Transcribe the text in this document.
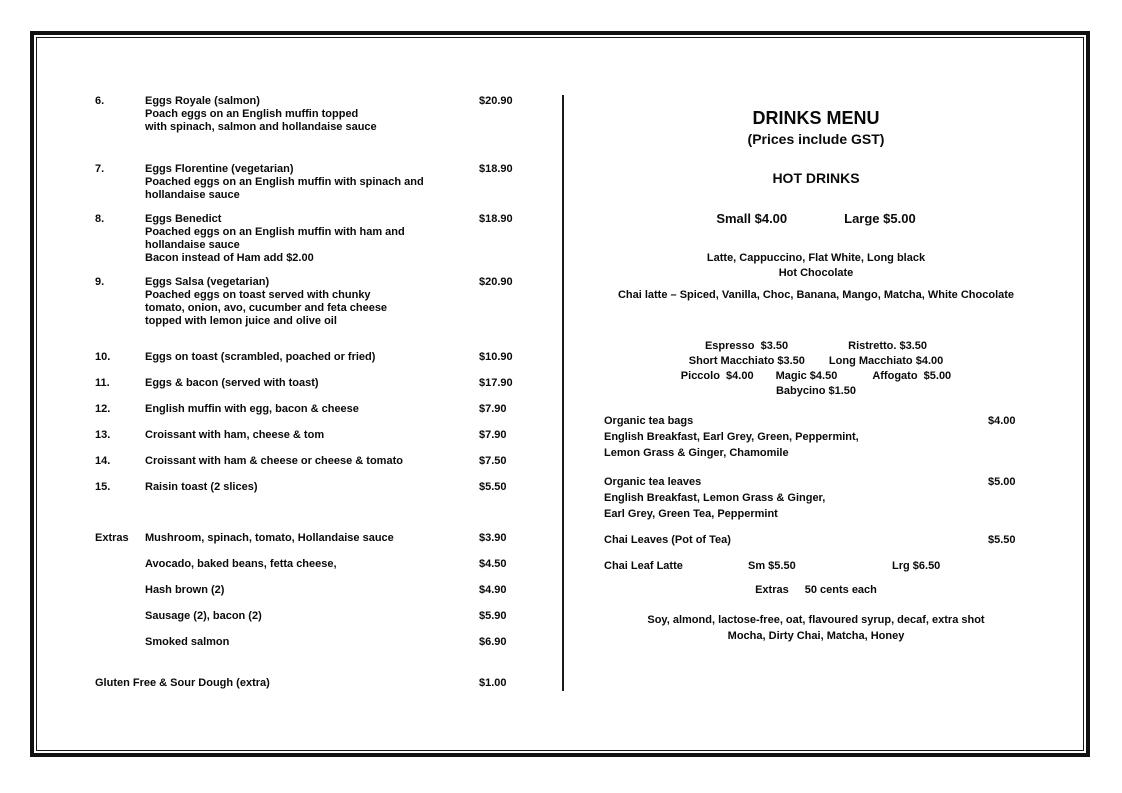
6.	Eggs Royale (salmon)
Poach eggs on an English muffin topped
with spinach, salmon and hollandaise sauce
$20.90
7.	Eggs Florentine (vegetarian)
Poached eggs on an English muffin with spinach and
hollandaise sauce
$18.90
8.	Eggs Benedict
Poached eggs on an English muffin with ham and
hollandaise sauce
Bacon instead of Ham add $2.00
$18.90
9.	Eggs Salsa (vegetarian)
Poached eggs on toast served with chunky
tomato, onion, avo, cucumber and feta cheese
topped with lemon juice and olive oil
$20.90
10.	Eggs on toast (scrambled, poached or fried)	$10.90
11.	Eggs & bacon (served with toast)	$17.90
12.	English muffin with egg, bacon & cheese	$7.90
13.	Croissant with ham, cheese & tom	$7.90
14.	Croissant with ham & cheese or cheese & tomato	$7.50
15.	Raisin toast (2 slices)	$5.50
Extras Mushroom, spinach, tomato, Hollandaise sauce	$3.90
Avocado, baked beans, fetta cheese,	$4.50
Hash brown (2)	$4.90
Sausage (2), bacon (2)	$5.90
Smoked salmon	$6.90
Gluten Free & Sour Dough (extra)	$1.00
DRINKS MENU
(Prices include GST)
HOT DRINKS
Small $4.00	Large $5.00
Latte, Cappuccino, Flat White, Long black
Hot Chocolate
Chai latte – Spiced, Vanilla, Choc, Banana, Mango, Matcha, White Chocolate
Espresso  $3.50	Ristretto. $3.50
Short Macchiato $3.50 Long Macchiato $4.00
Piccolo  $4.00 Magic $4.50	Affogato  $5.00
Babycino $1.50
Organic tea bags	$4.00
English Breakfast, Earl Grey, Green, Peppermint,
Lemon Grass & Ginger, Chamomile
Organic tea leaves	$5.00
English Breakfast, Lemon Grass & Ginger,
Earl Grey, Green Tea, Peppermint
Chai Leaves (Pot of Tea)	$5.50
Chai Leaf Latte	Sm $5.50	Lrg $6.50
Extras 50 cents each
Soy, almond, lactose-free, oat, flavoured syrup, decaf, extra shot
Mocha, Dirty Chai, Matcha, Honey
